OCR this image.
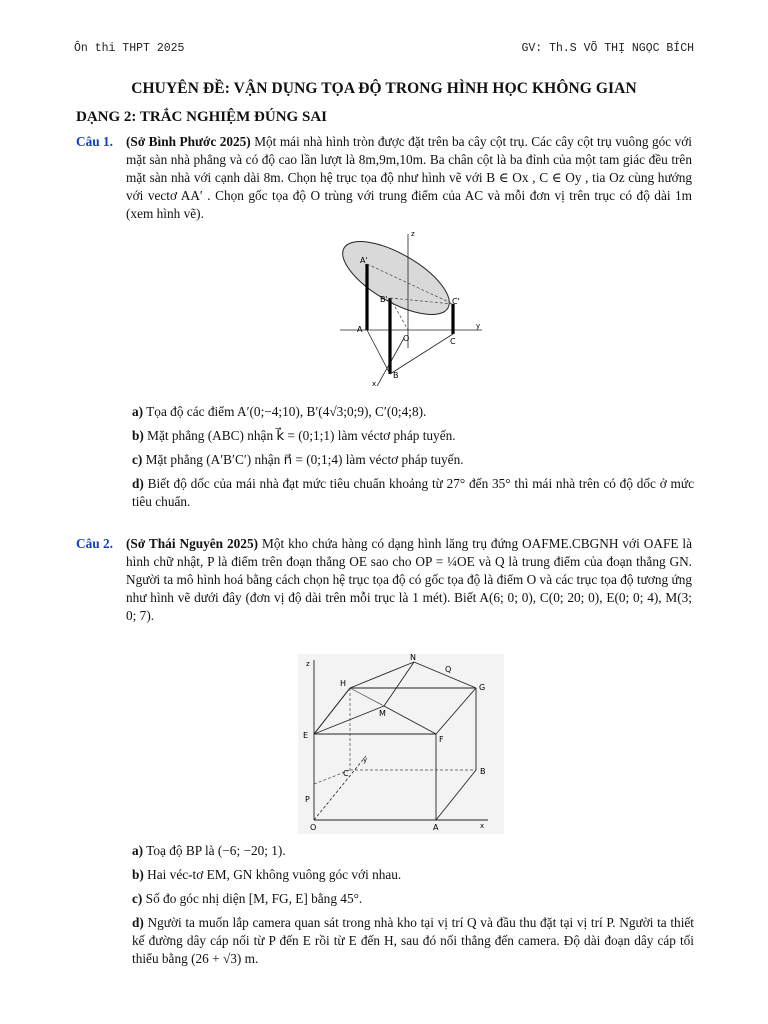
Ôn thi THPT 2025	GV: Th.S VÕ THỊ NGỌC BÍCH
CHUYÊN ĐỀ: VẬN DỤNG TỌA ĐỘ TRONG HÌNH HỌC KHÔNG GIAN
DẠNG 2: TRẮC NGHIỆM ĐÚNG SAI
Câu 1. (Sở Bình Phước 2025) Một mái nhà hình tròn được đặt trên ba cây cột trụ. Các cây cột trụ vuông góc với mặt sàn nhà phẳng và có độ cao lần lượt là 8m,9m,10m. Ba chân cột là ba đỉnh của một tam giác đều trên mặt sàn nhà với cạnh dài 8m. Chọn hệ trục tọa độ như hình vẽ với B ∈ Ox , C ∈ Oy , tia Oz cùng hướng với vectơ AA′ . Chọn gốc tọa độ O trùng với trung điểm của AC và mỗi đơn vị trên trục có độ dài 1m (xem hình vẽ).
z
y
x
A
B
C
O
A'
B'	C'
a) Tọa độ các điểm A′(0;−4;10), B′(4√3;0;9), C′(0;4;8).
b) Mặt phẳng (ABC) nhận k⃗ = (0;1;1) làm véctơ pháp tuyến.
c) Mặt phẳng (A′B′C′) nhận n⃗ = (0;1;4) làm véctơ pháp tuyến.
d) Biết độ dốc của mái nhà đạt mức tiêu chuẩn khoảng từ 27° đến 35° thì mái nhà trên có độ dốc ở mức tiêu chuẩn.
Câu 2. (Sở Thái Nguyên 2025) Một kho chứa hàng có dạng hình lăng trụ đứng OAFME.CBGNH với OAFE là hình chữ nhật, P là điểm trên đoạn thẳng OE sao cho OP = ¼OE và Q là trung điểm của đoạn thẳng GN. Người ta mô hình hoá bằng cách chọn hệ trục tọa độ có gốc tọa độ là điểm O và các trục tọa độ tương ứng như hình vẽ dưới đây (đơn vị độ dài trên mỗi trục là 1 mét). Biết A(6; 0; 0), C(0; 20; 0), E(0; 0; 4), M(3; 0; 7).
z
x
y
O	A
B
C
E	F
G
H
M
N
P
Q
a) Toạ độ BP là (−6; −20; 1).
b) Hai véc-tơ EM, GN không vuông góc với nhau.
c) Số đo góc nhị diện [M, FG, E] bằng 45°.
d) Người ta muốn lắp camera quan sát trong nhà kho tại vị trí Q và đầu thu đặt tại vị trí P. Người ta thiết kế đường dây cáp nối từ P đến E rồi từ E đến H, sau đó nối thẳng đến camera. Độ dài đoạn dây cáp tối thiểu bằng (26 + √3) m.
